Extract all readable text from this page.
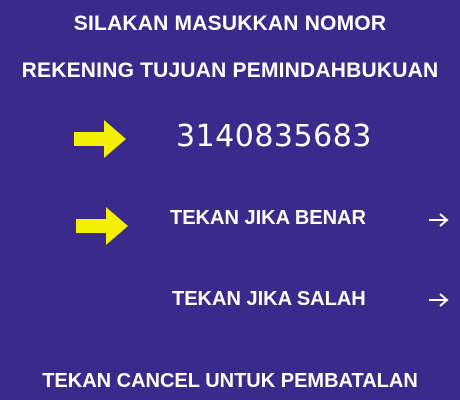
SILAKAN MASUKKAN NOMOR
REKENING TUJUAN PEMINDAHBUKUAN
3140835683
TEKAN JIKA BENAR
TEKAN JIKA SALAH
TEKAN CANCEL UNTUK PEMBATALAN
